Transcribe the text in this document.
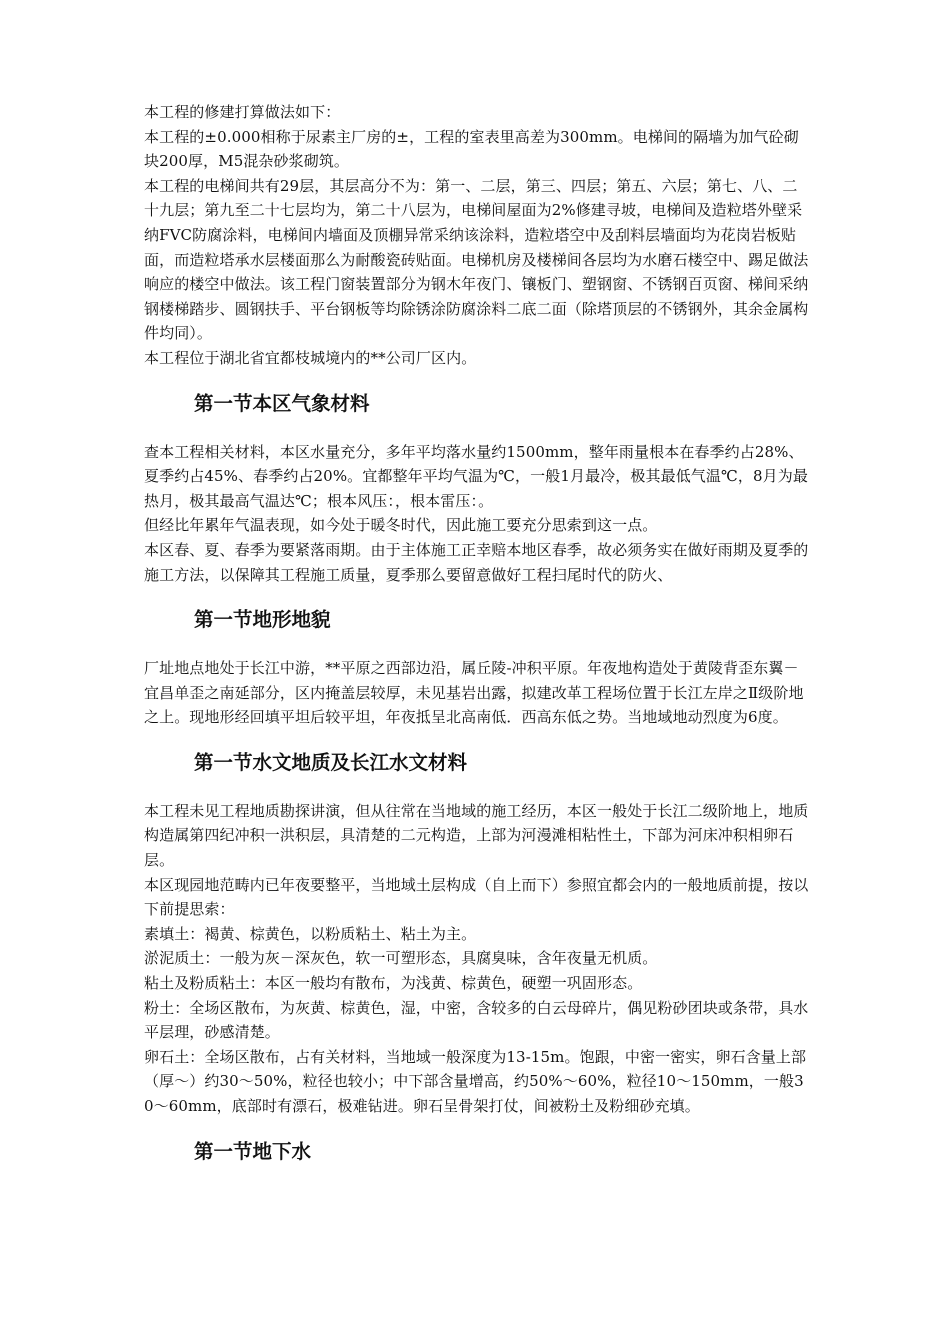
本工程的修建打算做法如下：

本工程的±0.000相称于尿素主厂房的±，工程的室表里高差为300mm。电梯间的隔墙为加气砼砌块200厚，M5混杂砂浆砌筑。

本工程的电梯间共有29层，其层高分不为：第一、二层，第三、四层；第五、六层；第七、八、二十九层；第九至二十七层均为，第二十八层为，电梯间屋面为2%修建寻坡，电梯间及造粒塔外壁采纳FVC防腐涂料，电梯间内墙面及顶棚异常采纳该涂料，造粒塔空中及刮料层墙面均为花岗岩板贴面，而造粒塔承水层楼面那么为耐酸瓷砖贴面。电梯机房及楼梯间各层均为水磨石楼空中、踢足做法响应的楼空中做法。该工程门窗装置部分为钢木年夜门、镶板门、塑钢窗、不锈钢百页窗、梯间采纳钢楼梯踏步、圆钢扶手、平台钢板等均除锈涂防腐涂料二底二面（除塔顶层的不锈钢外，其余金属构件均同）。

本工程位于湖北省宜都枝城境内的**公司厂区内。

第一节本区气象材料

查本工程相关材料，本区水量充分，多年平均落水量约1500mm，整年雨量根本在春季约占28%、夏季约占45%、春季约占20%。宜都整年平均气温为℃，一般1月最冷，极其最低气温℃，8月为最热月，极其最高气温达℃；根本风压：，根本雷压：。

但经比年累年气温表现，如今处于暖冬时代，因此施工要充分思索到这一点。

本区春、夏、春季为要紧落雨期。由于主体施工正幸赔本地区春季，故必须务实在做好雨期及夏季的施工方法，以保障其工程施工质量，夏季那么要留意做好工程扫尾时代的防火、

第一节地形地貌

厂址地点地处于长江中游，**平原之西部边沿，属丘陵-冲积平原。年夜地构造处于黄陵背歪东翼－宜昌单歪之南延部分，区内掩盖层较厚，未见基岩出露，拟建改革工程场位置于长江左岸之Ⅱ级阶地之上。现地形经回填平坦后较平坦，年夜抵呈北高南低．西高东低之势。当地域地动烈度为6度。

第一节水文地质及长江水文材料

本工程未见工程地质勘探讲演，但从往常在当地域的施工经历，本区一般处于长江二级阶地上，地质构造属第四纪冲积一洪积层，具清楚的二元构造，上部为河漫滩相粘性土，下部为河床冲积相卵石层。

本区现园地范畴内已年夜要整平，当地域土层构成（自上而下）参照宜都会内的一般地质前提，按以下前提思索：

素填土：褐黄、棕黄色，以粉质粘土、粘土为主。

淤泥质土：一般为灰－深灰色，软一可塑形态，具腐臭味，含年夜量无机质。

粘土及粉质粘土：本区一般均有散布，为浅黄、棕黄色，硬塑一巩固形态。

粉土：全场区散布，为灰黄、棕黄色，湿，中密，含较多的白云母碎片，偶见粉砂团块或条带，具水平层理，砂感清楚。

卵石土：全场区散布，占有关材料，当地域一般深度为13-15m。饱跟，中密一密实，卵石含量上部（厚～）约30～50%，粒径也较小；中下部含量增高，约50%～60%，粒径10～150mm，一般30～60mm，底部时有漂石，极难钻进。卵石呈骨架打仗，间被粉土及粉细砂充填。

第一节地下水
